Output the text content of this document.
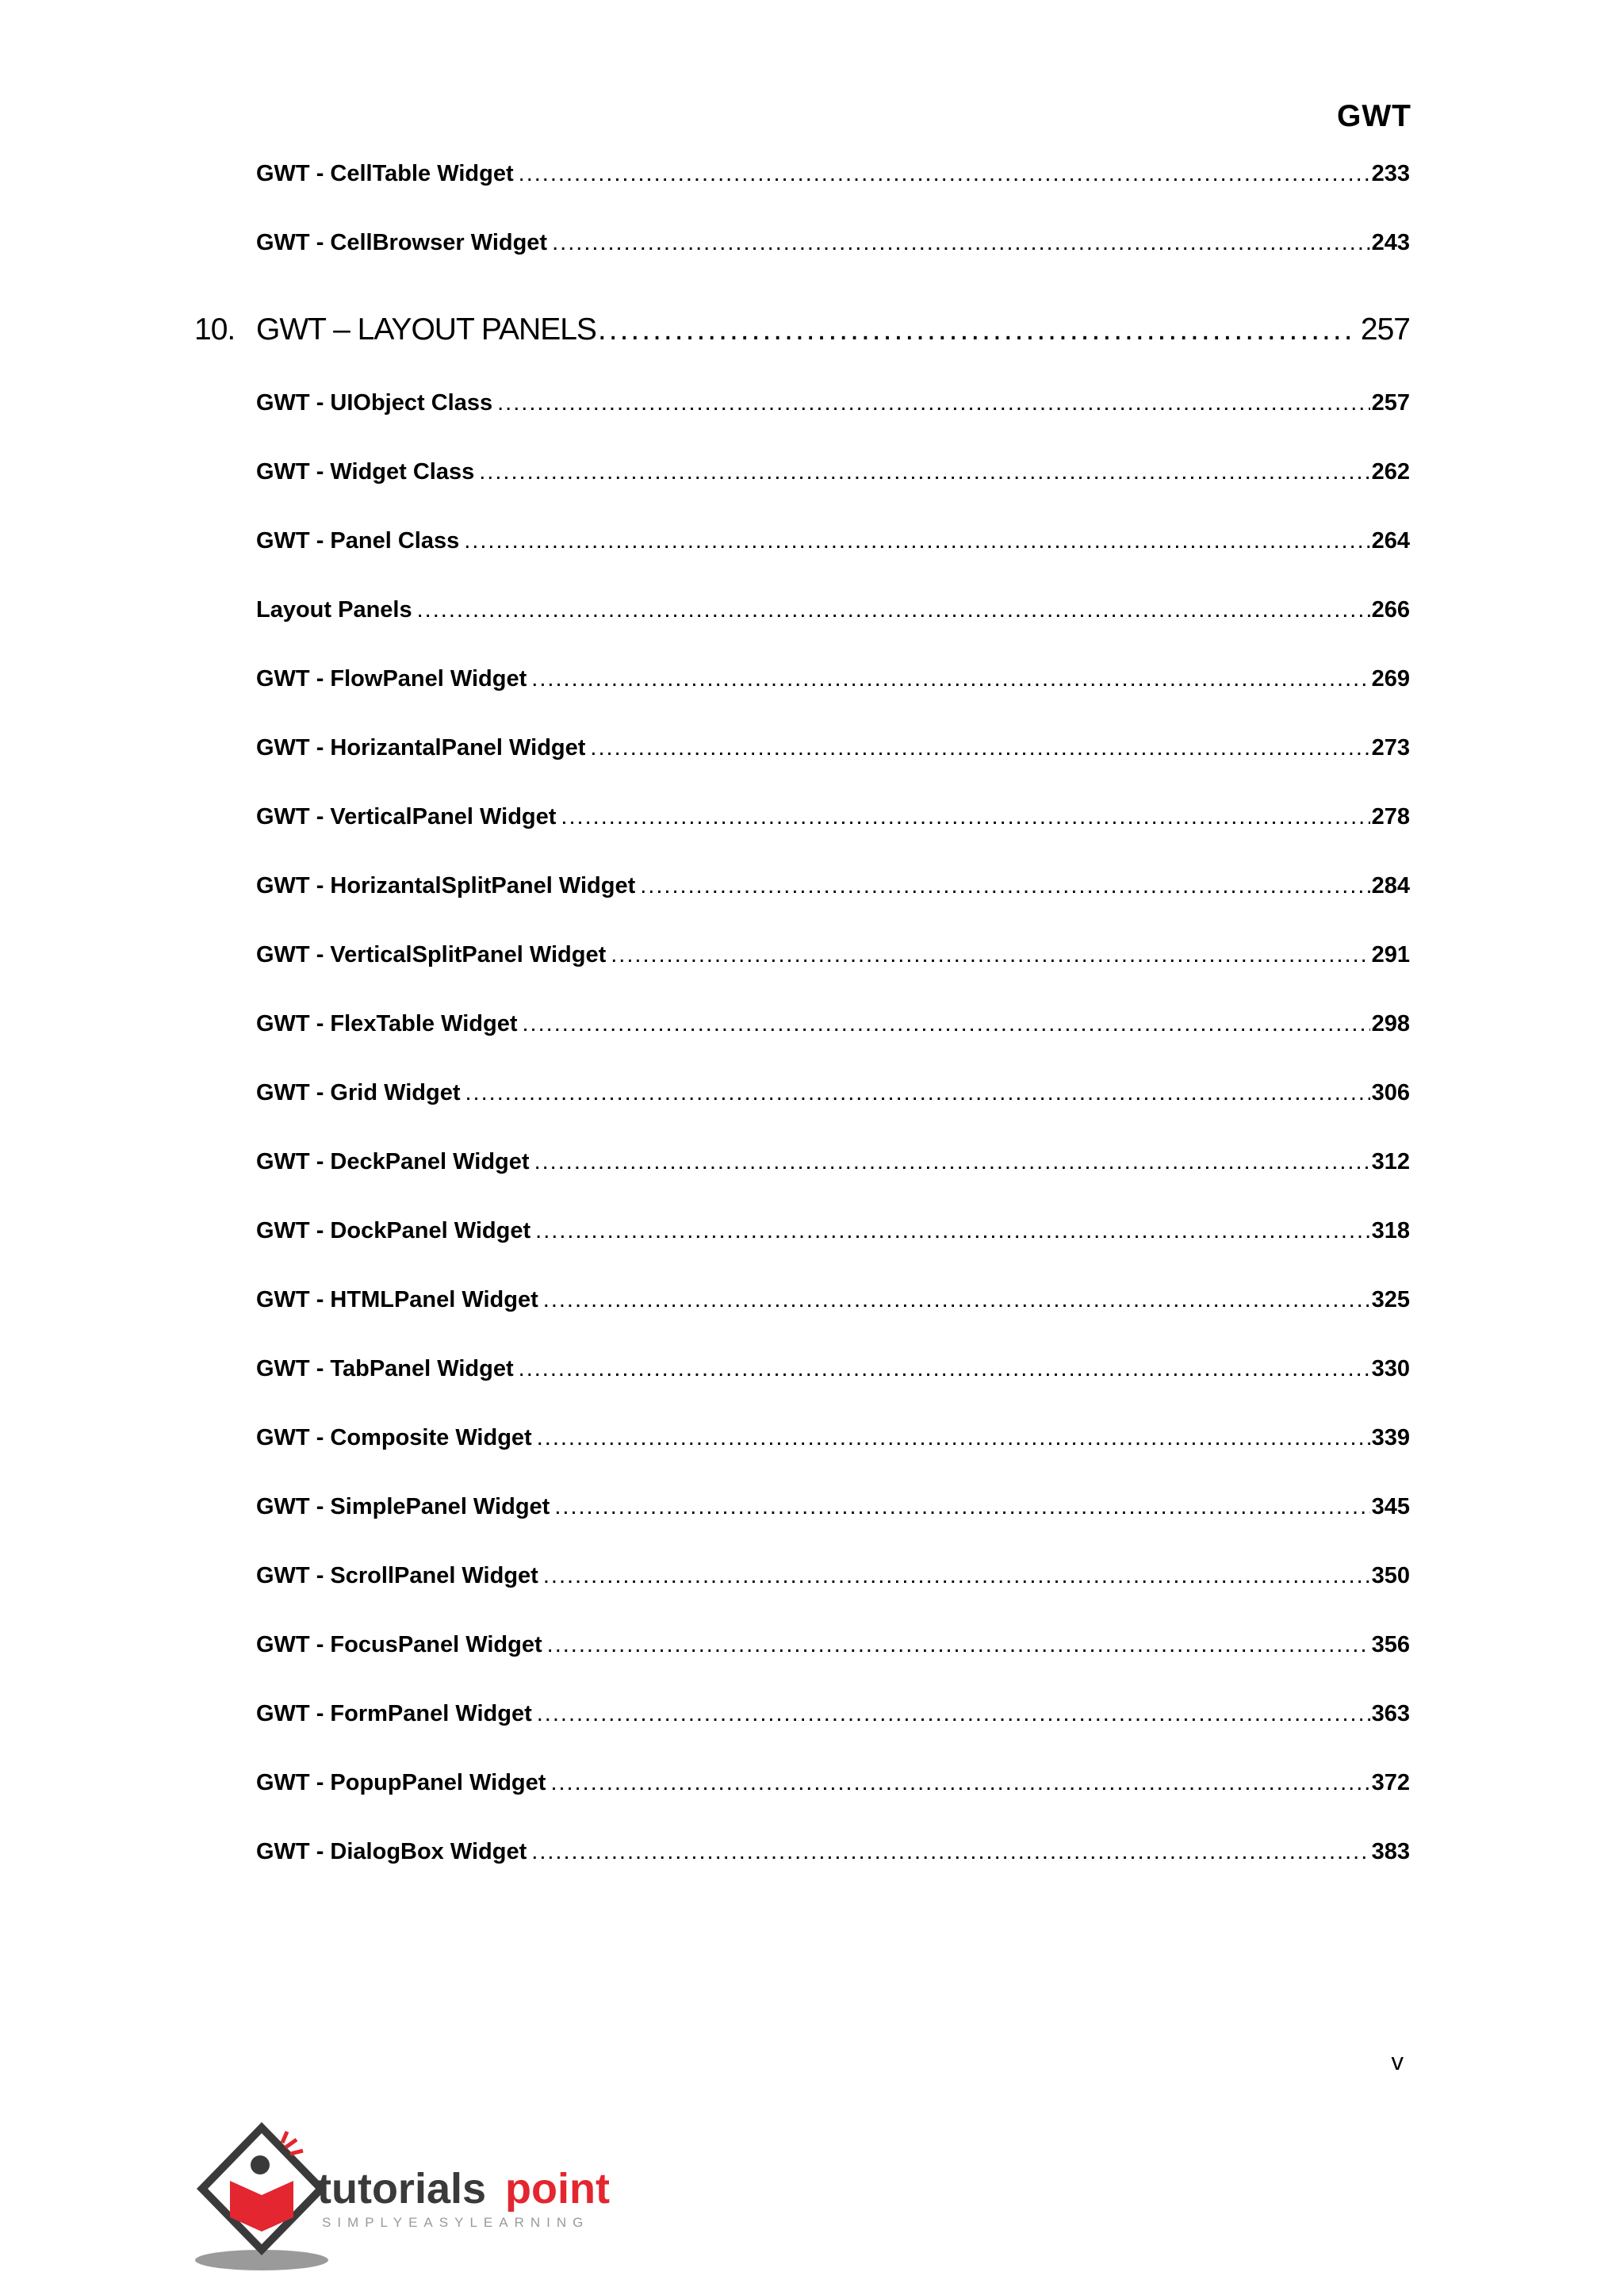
GWT
GWT - CellTable Widget .....	233
GWT - CellBrowser Widget .....	243
10. GWT – LAYOUT PANELS .....	257
GWT - UIObject Class .....	257
GWT - Widget Class .....	262
GWT - Panel Class .....	264
Layout Panels .....	266
GWT - FlowPanel Widget .....	269
GWT - HorizantalPanel Widget .....	273
GWT - VerticalPanel Widget .....	278
GWT - HorizantalSplitPanel Widget .....	284
GWT - VerticalSplitPanel Widget .....	291
GWT - FlexTable Widget .....	298
GWT - Grid Widget .....	306
GWT - DeckPanel Widget .....	312
GWT - DockPanel Widget .....	318
GWT - HTMLPanel Widget .....	325
GWT - TabPanel Widget .....	330
GWT - Composite Widget .....	339
GWT - SimplePanel Widget .....	345
GWT - ScrollPanel Widget .....	350
GWT - FocusPanel Widget .....	356
GWT - FormPanel Widget .....	363
GWT - PopupPanel Widget .....	372
GWT - DialogBox Widget .....	383
v
tutorials point
SIMPLYEASYLEARNING
